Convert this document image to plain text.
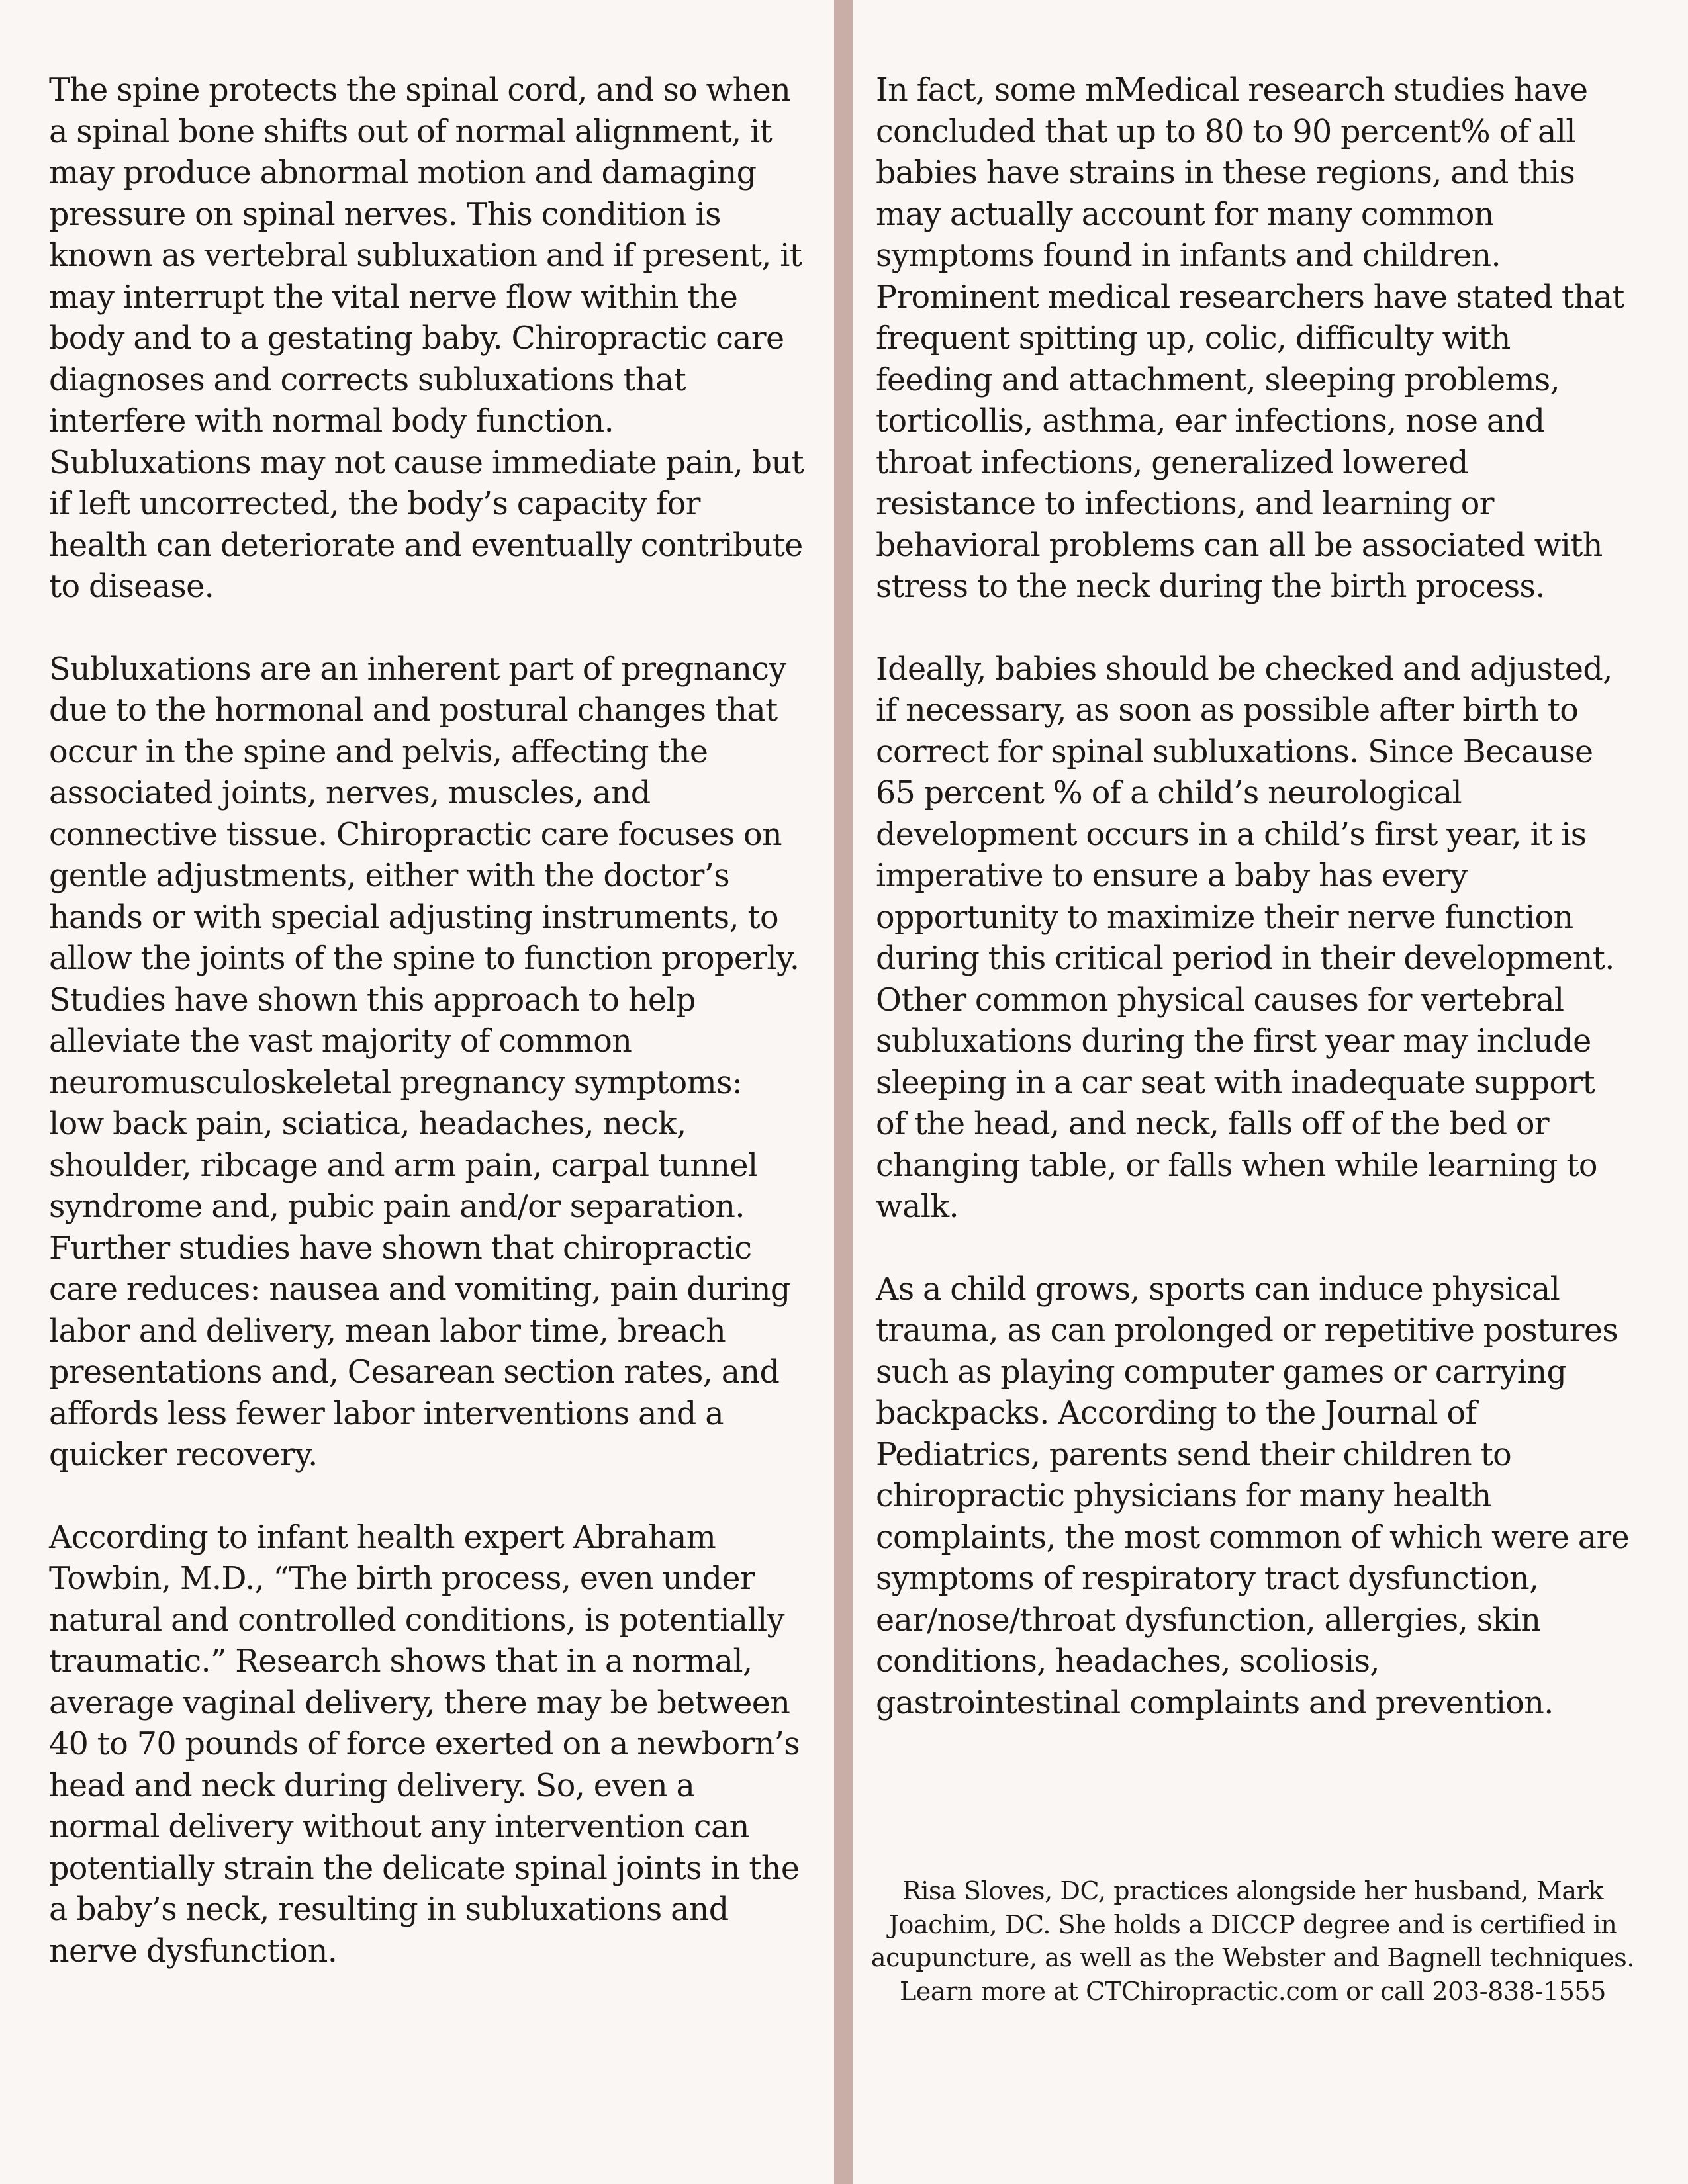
The spine protects the spinal cord, and so when a spinal bone shifts out of normal alignment, it may produce abnormal motion and damaging pressure on spinal nerves. This condition is known as vertebral subluxation and if present, it may interrupt the vital nerve flow within the body and to a gestating baby. Chiropractic care diagnoses and corrects subluxations that interfere with normal body function. Subluxations may not cause immediate pain, but if left uncorrected, the body’s capacity for health can deteriorate and eventually contribute to disease.

Subluxations are an inherent part of pregnancy due to the hormonal and postural changes that occur in the spine and pelvis, affecting the associated joints, nerves, muscles, and connective tissue. Chiropractic care focuses on gentle adjustments, either with the doctor’s hands or with special adjusting instruments, to allow the joints of the spine to function properly. Studies have shown this approach to help alleviate the vast majority of common neuromusculoskeletal pregnancy symptoms: low back pain, sciatica, headaches, neck, shoulder, ribcage and arm pain, carpal tunnel syndrome and, pubic pain and/or separation. Further studies have shown that chiropractic care reduces: nausea and vomiting, pain during labor and delivery, mean labor time, breach presentations and, Cesarean section rates, and affords less fewer labor interventions and a quicker recovery.

According to infant health expert Abraham Towbin, M.D., “The birth process, even under natural and controlled conditions, is potentially traumatic.” Research shows that in a normal, average vaginal delivery, there may be between 40 to 70 pounds of force exerted on a newborn’s head and neck during delivery. So, even a normal delivery without any intervention can potentially strain the delicate spinal joints in the a baby’s neck, resulting in subluxations and nerve dysfunction.

In fact, some mMedical research studies have concluded that up to 80 to 90 percent% of all babies have strains in these regions, and this may actually account for many common symptoms found in infants and children. Prominent medical researchers have stated that frequent spitting up, colic, difficulty with feeding and attachment, sleeping problems, torticollis, asthma, ear infections, nose and throat infections, generalized lowered resistance to infections, and learning or behavioral problems can all be associated with stress to the neck during the birth process.

Ideally, babies should be checked and adjusted, if necessary, as soon as possible after birth to correct for spinal subluxations. Since Because 65 percent % of a child’s neurological development occurs in a child’s first year, it is imperative to ensure a baby has every opportunity to maximize their nerve function during this critical period in their development. Other common physical causes for vertebral subluxations during the first year may include sleeping in a car seat with inadequate support of the head, and neck, falls off of the bed or changing table, or falls when while learning to walk.

As a child grows, sports can induce physical trauma, as can prolonged or repetitive postures such as playing computer games or carrying backpacks. According to the Journal of Pediatrics, parents send their children to chiropractic physicians for many health complaints, the most common of which were are symptoms of respiratory tract dysfunction, ear/nose/throat dysfunction, allergies, skin conditions, headaches, scoliosis, gastrointestinal complaints and prevention.

Risa Sloves, DC, practices alongside her husband, Mark Joachim, DC. She holds a DICCP degree and is certified in acupuncture, as well as the Webster and Bagnell techniques. Learn more at CTChiropractic.com or call 203-838-1555
